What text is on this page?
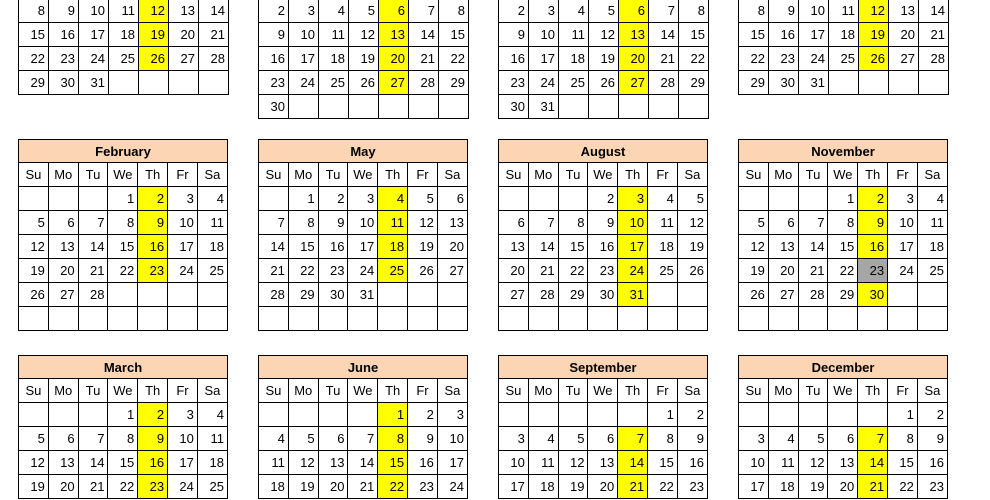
8	9	10	11	12	13	14
15	16	17	18	19	20	21
22	23	24	25	26	27	28
29	30	31				
2	3	4	5	6	7	8
9	10	11	12	13	14	15
16	17	18	19	20	21	22
23	24	25	26	27	28	29
30						
2	3	4	5	6	7	8
9	10	11	12	13	14	15
16	17	18	19	20	21	22
23	24	25	26	27	28	29
30	31					
8	9	10	11	12	13	14
15	16	17	18	19	20	21
22	23	24	25	26	27	28
29	30	31				
February						
Su	Mo	Tu	We	Th	Fr	Sa
			1	2	3	4
5	6	7	8	9	10	11
12	13	14	15	16	17	18
19	20	21	22	23	24	25
26	27	28				

May						
Su	Mo	Tu	We	Th	Fr	Sa
	1	2	3	4	5	6
7	8	9	10	11	12	13
14	15	16	17	18	19	20
21	22	23	24	25	26	27
28	29	30	31			

August						
Su	Mo	Tu	We	Th	Fr	Sa
			2	3	4	5
6	7	8	9	10	11	12
13	14	15	16	17	18	19
20	21	22	23	24	25	26
27	28	29	30	31		

November						
Su	Mo	Tu	We	Th	Fr	Sa
			1	2	3	4
5	6	7	8	9	10	11
12	13	14	15	16	17	18
19	20	21	22	23	24	25
26	27	28	29	30		

March						
Su	Mo	Tu	We	Th	Fr	Sa
			1	2	3	4
5	6	7	8	9	10	11
12	13	14	15	16	17	18
19	20	21	22	23	24	25
June						
Su	Mo	Tu	We	Th	Fr	Sa
				1	2	3
4	5	6	7	8	9	10
11	12	13	14	15	16	17
18	19	20	21	22	23	24
September						
Su	Mo	Tu	We	Th	Fr	Sa
					1	2
3	4	5	6	7	8	9
10	11	12	13	14	15	16
17	18	19	20	21	22	23
December						
Su	Mo	Tu	We	Th	Fr	Sa
					1	2
3	4	5	6	7	8	9
10	11	12	13	14	15	16
17	18	19	20	21	22	23
